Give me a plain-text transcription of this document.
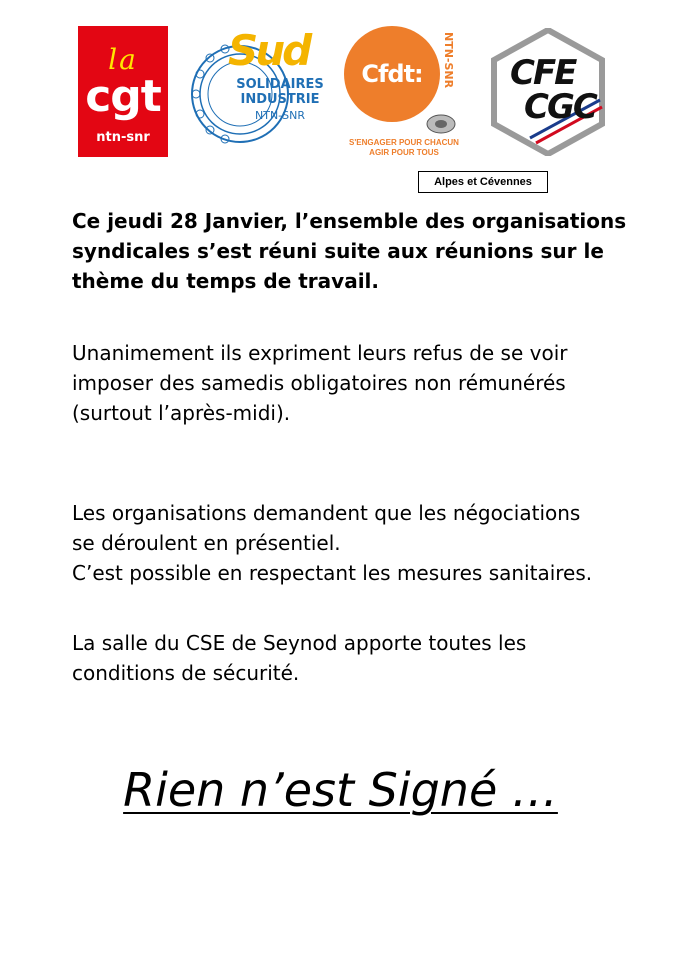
la
cgt
ntn-snr
Sud
SOLIDAIRES
INDUSTRIE
NTN-SNR
Cfdt:	NTN-SNR
S'ENGAGER POUR CHACUN
AGIR POUR TOUS
CFE
CGC
Alpes et Cévennes
Ce jeudi 28 Janvier, l’ensemble des organisations
syndicales s’est réuni suite aux réunions sur le
thème du temps de travail.
Unanimement ils expriment leurs refus de se voir
imposer des samedis obligatoires non rémunérés
(surtout l’après-midi).
Les organisations demandent que les négociations
se déroulent en présentiel.
C’est possible en respectant les mesures sanitaires.
La salle du CSE de Seynod apporte toutes les
conditions de sécurité.
Rien n’est Signé …
